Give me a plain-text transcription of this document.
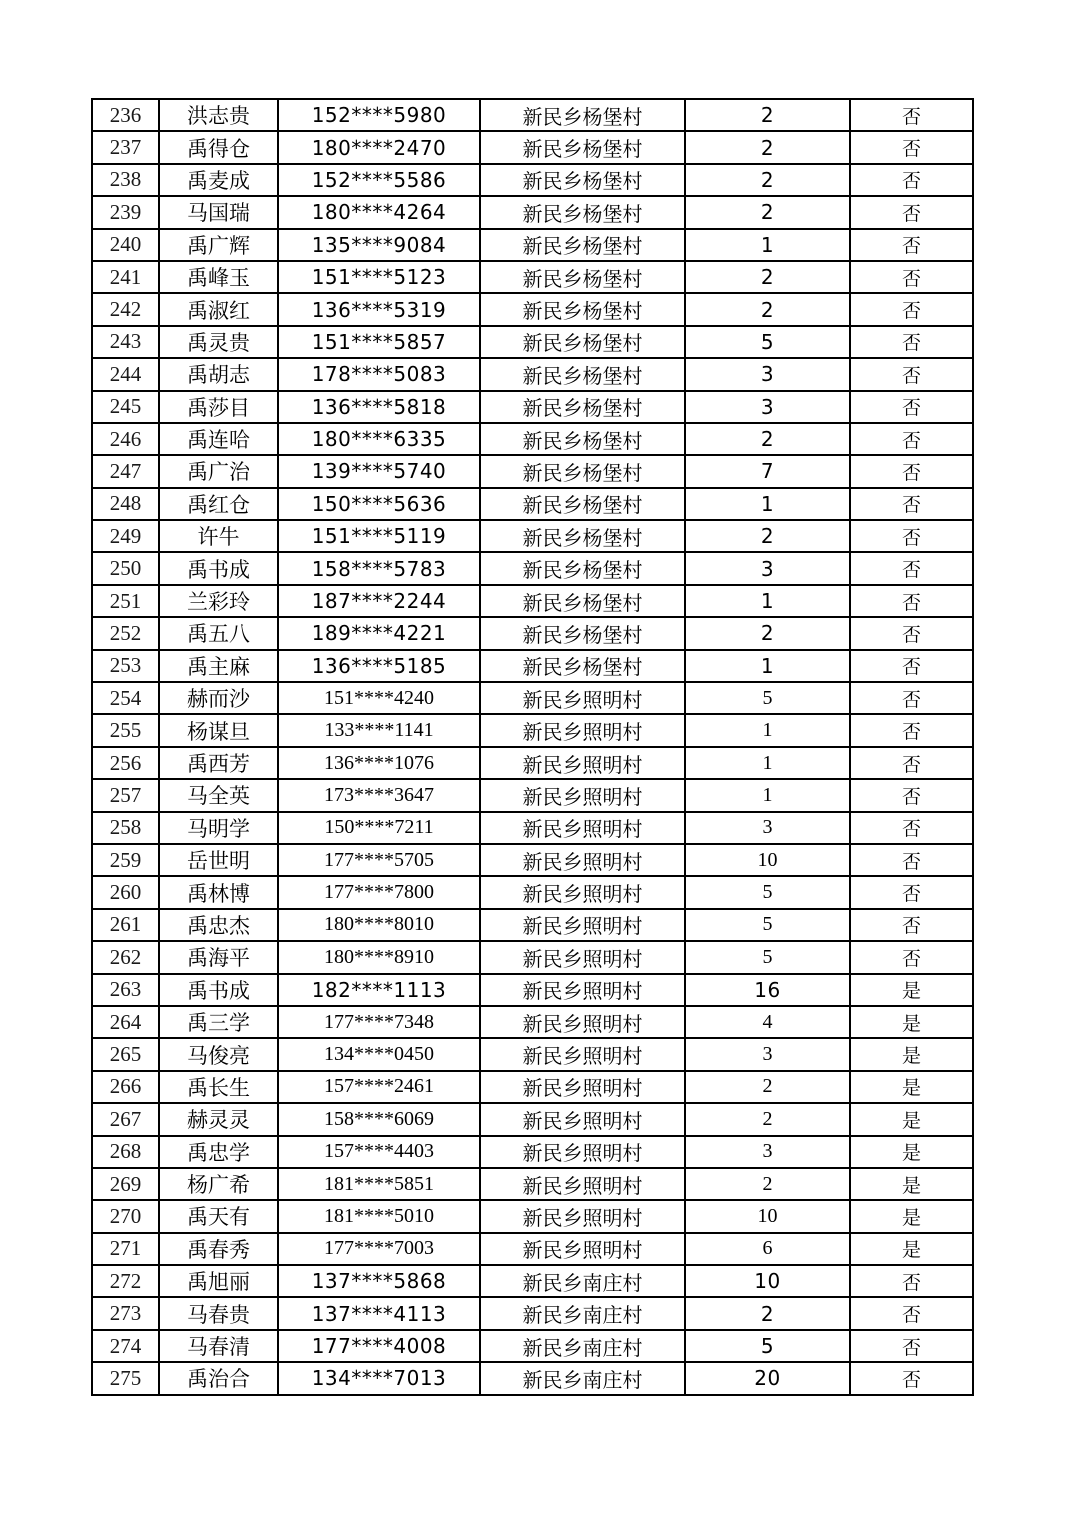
236	洪志贵	152****5980	新民乡杨堡村	2	否
237	禹得仓	180****2470	新民乡杨堡村	2	否
238	禹麦成	152****5586	新民乡杨堡村	2	否
239	马国瑞	180****4264	新民乡杨堡村	2	否
240	禹广辉	135****9084	新民乡杨堡村	1	否
241	禹峰玉	151****5123	新民乡杨堡村	2	否
242	禹淑红	136****5319	新民乡杨堡村	2	否
243	禹灵贵	151****5857	新民乡杨堡村	5	否
244	禹胡志	178****5083	新民乡杨堡村	3	否
245	禹莎目	136****5818	新民乡杨堡村	3	否
246	禹连哈	180****6335	新民乡杨堡村	2	否
247	禹广治	139****5740	新民乡杨堡村	7	否
248	禹红仓	150****5636	新民乡杨堡村	1	否
249	许牛	151****5119	新民乡杨堡村	2	否
250	禹书成	158****5783	新民乡杨堡村	3	否
251	兰彩玲	187****2244	新民乡杨堡村	1	否
252	禹五八	189****4221	新民乡杨堡村	2	否
253	禹主麻	136****5185	新民乡杨堡村	1	否
254	赫而沙	151****4240	新民乡照明村	5	否
255	杨谋旦	133****1141	新民乡照明村	1	否
256	禹西芳	136****1076	新民乡照明村	1	否
257	马全英	173****3647	新民乡照明村	1	否
258	马明学	150****7211	新民乡照明村	3	否
259	岳世明	177****5705	新民乡照明村	10	否
260	禹林博	177****7800	新民乡照明村	5	否
261	禹忠杰	180****8010	新民乡照明村	5	否
262	禹海平	180****8910	新民乡照明村	5	否
263	禹书成	182****1113	新民乡照明村	16	是
264	禹三学	177****7348	新民乡照明村	4	是
265	马俊亮	134****0450	新民乡照明村	3	是
266	禹长生	157****2461	新民乡照明村	2	是
267	赫灵灵	158****6069	新民乡照明村	2	是
268	禹忠学	157****4403	新民乡照明村	3	是
269	杨广希	181****5851	新民乡照明村	2	是
270	禹天有	181****5010	新民乡照明村	10	是
271	禹春秀	177****7003	新民乡照明村	6	是
272	禹旭丽	137****5868	新民乡南庄村	10	否
273	马春贵	137****4113	新民乡南庄村	2	否
274	马春清	177****4008	新民乡南庄村	5	否
275	禹治合	134****7013	新民乡南庄村	20	否
